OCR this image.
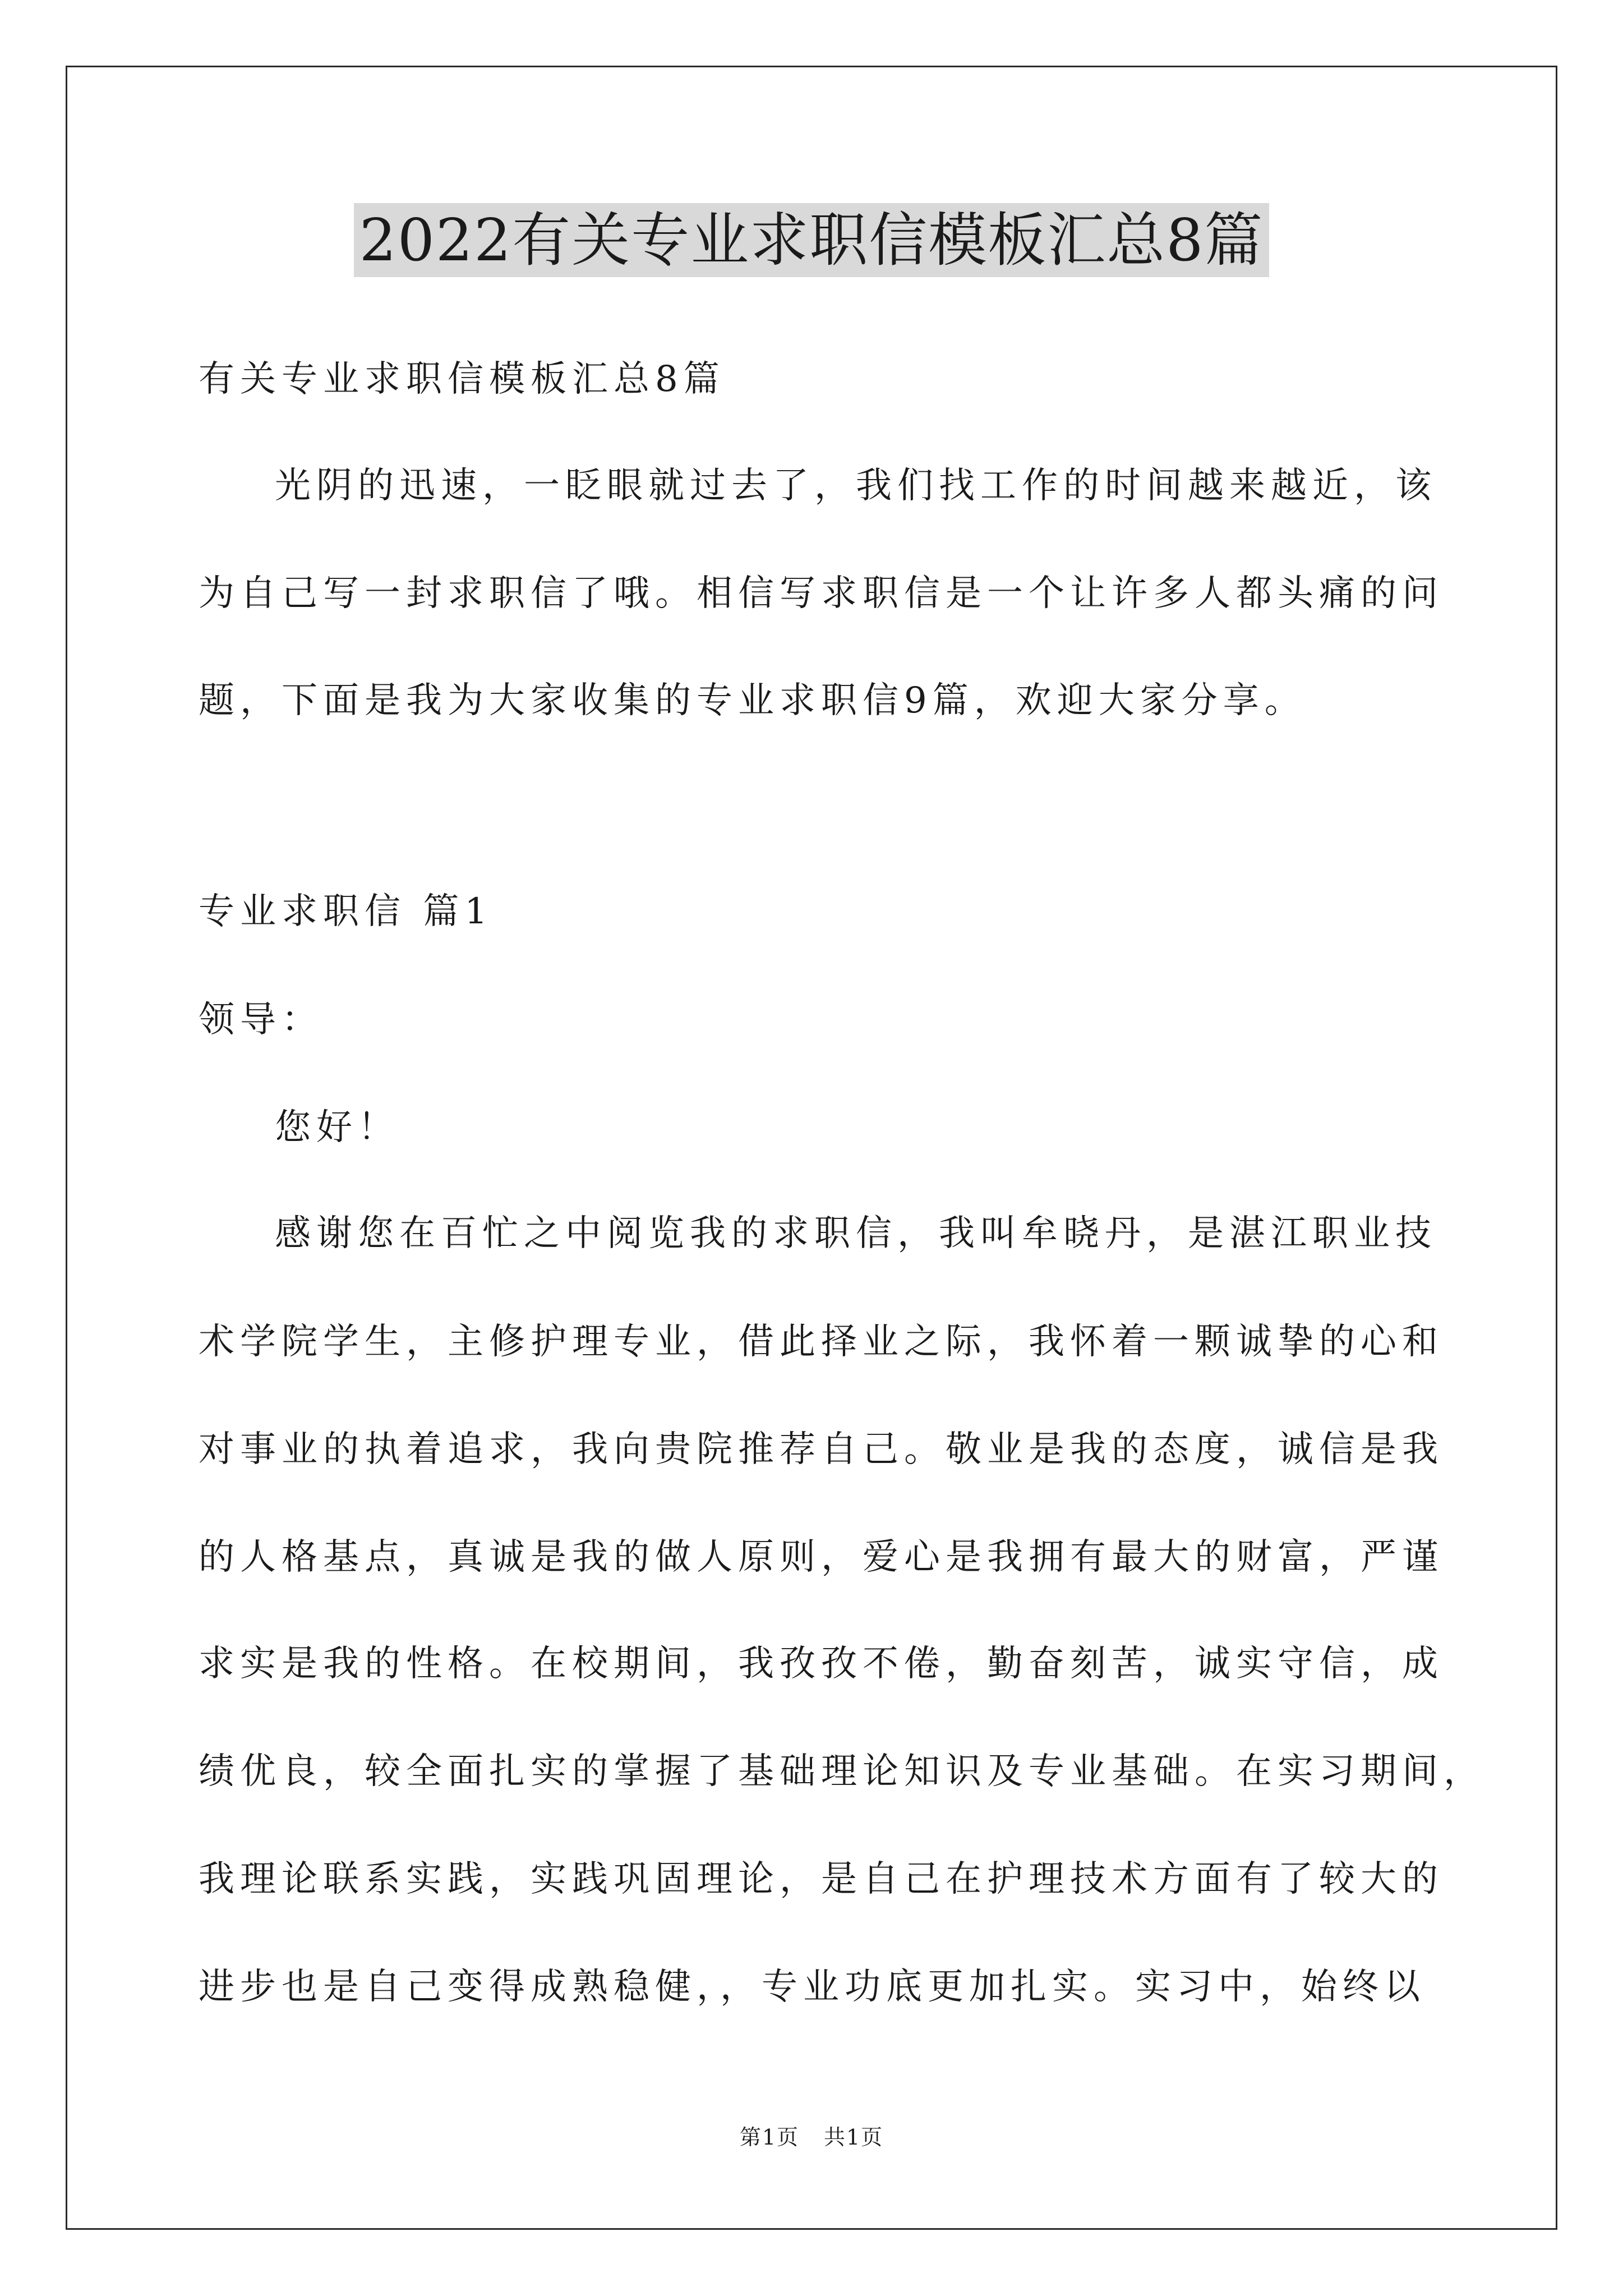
2022有关专业求职信模板汇总8篇
有关专业求职信模板汇总8篇
光阴的迅速，一眨眼就过去了，我们找工作的时间越来越近，该
为自己写一封求职信了哦。相信写求职信是一个让许多人都头痛的问
题，下面是我为大家收集的专业求职信9篇，欢迎大家分享。
专业求职信 篇1
领导：
您好！
感谢您在百忙之中阅览我的求职信，我叫牟晓丹，是湛江职业技
术学院学生，主修护理专业，借此择业之际，我怀着一颗诚挚的心和
对事业的执着追求，我向贵院推荐自己。敬业是我的态度，诚信是我
的人格基点，真诚是我的做人原则，爱心是我拥有最大的财富，严谨
求实是我的性格。在校期间，我孜孜不倦，勤奋刻苦，诚实守信，成
绩优良，较全面扎实的掌握了基础理论知识及专业基础。在实习期间，
我理论联系实践，实践巩固理论，是自己在护理技术方面有了较大的
进步也是自己变得成熟稳健，，专业功底更加扎实。实习中，始终以
第1页 共1页
